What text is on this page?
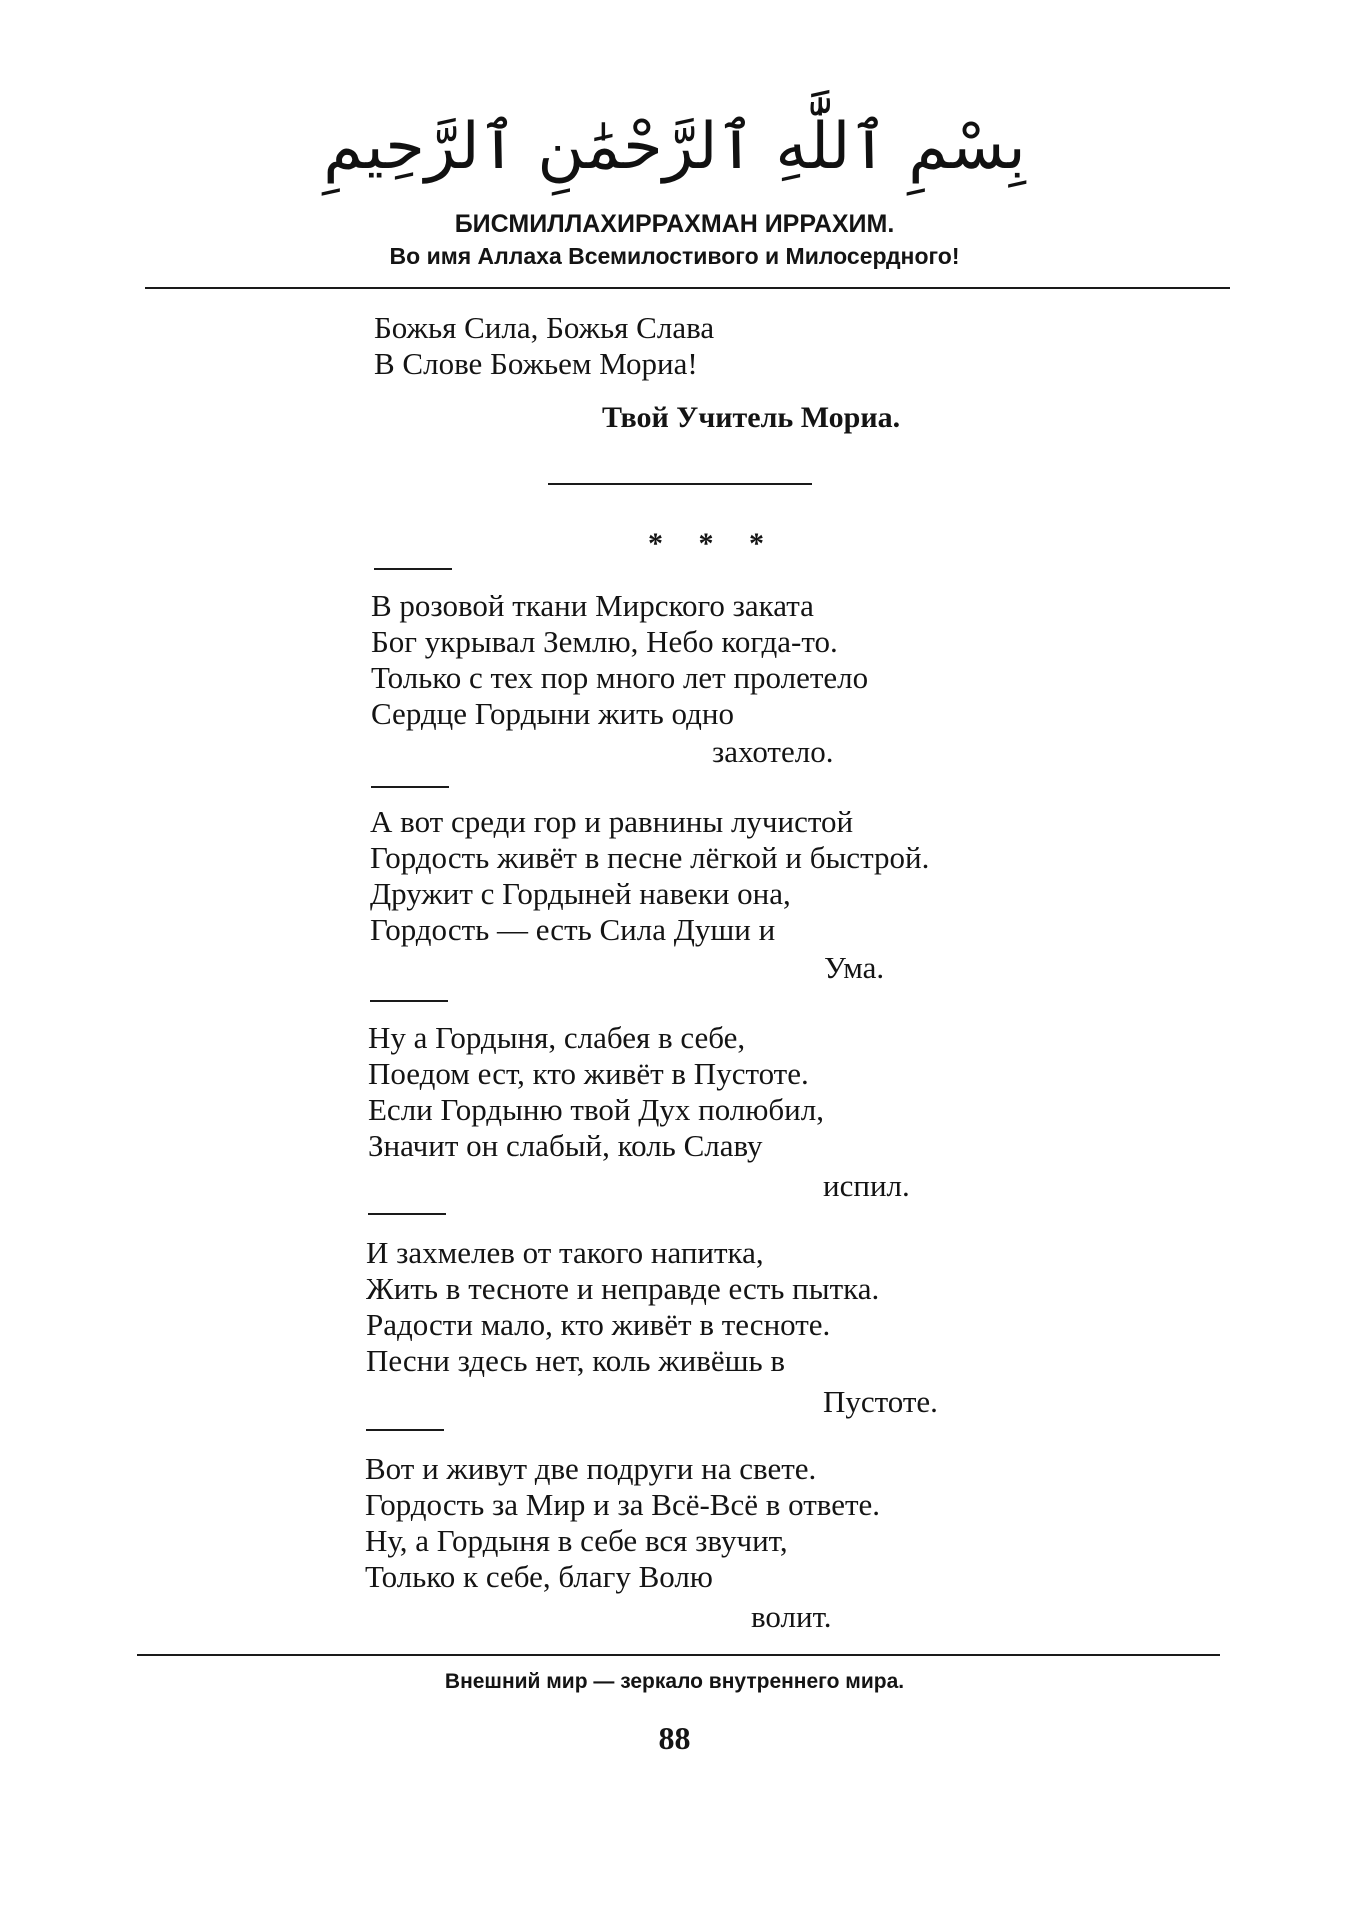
بِسْمِ ٱللَّٰهِ ٱلرَّحْمَٰنِ ٱلرَّحِيمِ
БИСМИЛЛАХИРРАХМАН ИРРАХИМ.
Во имя Аллаха Всемилостивого и Милосердного!
Божья Сила, Божья Слава
В Слове Божьем Мориа!
Твой Учитель Мориа.
* * *
В розовой ткани Мирского заката
Бог укрывал Землю, Небо когда-то.
Только с тех пор много лет пролетело
Сердце Гордыни жить одно
захотело.
А вот среди гор и равнины лучистой
Гордость живёт в песне лёгкой и быстрой.
Дружит с Гордыней навеки она,
Гордость — есть Сила Души и
Ума.
Ну а Гордыня, слабея в себе,
Поедом ест, кто живёт в Пустоте.
Если Гордыню твой Дух полюбил,
Значит он слабый, коль Славу
испил.
И захмелев от такого напитка,
Жить в тесноте и неправде есть пытка.
Радости мало, кто живёт в тесноте.
Песни здесь нет, коль живёшь в
Пустоте.
Вот и живут две подруги на свете.
Гордость за Мир и за Всё-Всё в ответе.
Ну, а Гордыня в себе вся звучит,
Только к себе, благу Волю
волит.
Внешний мир — зеркало внутреннего мира.
88
